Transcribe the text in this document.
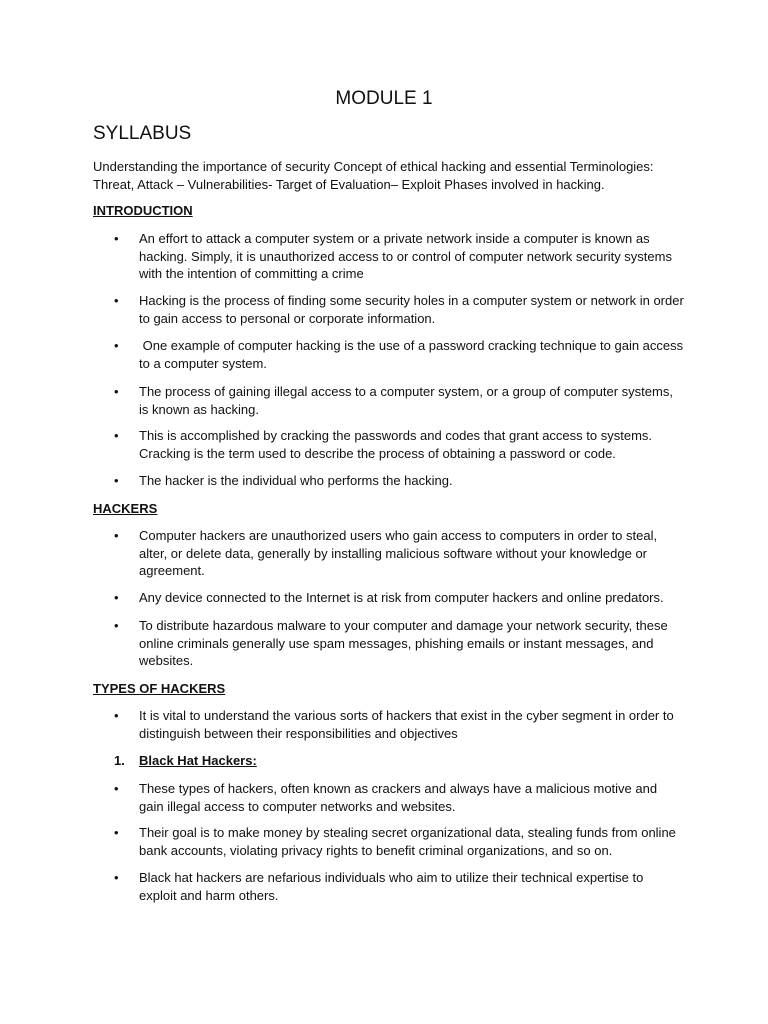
MODULE 1
SYLLABUS
Understanding the importance of security Concept of ethical hacking and essential Terminologies: Threat, Attack – Vulnerabilities- Target of Evaluation– Exploit Phases involved in hacking.
INTRODUCTION
•	An effort to attack a computer system or a private network inside a computer is known as hacking. Simply, it is unauthorized access to or control of computer network security systems with the intention of committing a crime
•	Hacking is the process of finding some security holes in a computer system or network in order to gain access to personal or corporate information.
•	One example of computer hacking is the use of a password cracking technique to gain access to a computer system.
•	The process of gaining illegal access to a computer system, or a group of computer systems, is known as hacking.
•	This is accomplished by cracking the passwords and codes that grant access to systems. Cracking is the term used to describe the process of obtaining a password or code.
•	The hacker is the individual who performs the hacking.
HACKERS
•	Computer hackers are unauthorized users who gain access to computers in order to steal, alter, or delete data, generally by installing malicious software without your knowledge or agreement.
•	Any device connected to the Internet is at risk from computer hackers and online predators.
•	To distribute hazardous malware to your computer and damage your network security, these online criminals generally use spam messages, phishing emails or instant messages, and websites.
TYPES OF HACKERS
•	It is vital to understand the various sorts of hackers that exist in the cyber segment in order to distinguish between their responsibilities and objectives
1.	Black Hat Hackers:
•	These types of hackers, often known as crackers and always have a malicious motive and gain illegal access to computer networks and websites.
•	Their goal is to make money by stealing secret organizational data, stealing funds from online bank accounts, violating privacy rights to benefit criminal organizations, and so on.
•	Black hat hackers are nefarious individuals who aim to utilize their technical expertise to exploit and harm others.
